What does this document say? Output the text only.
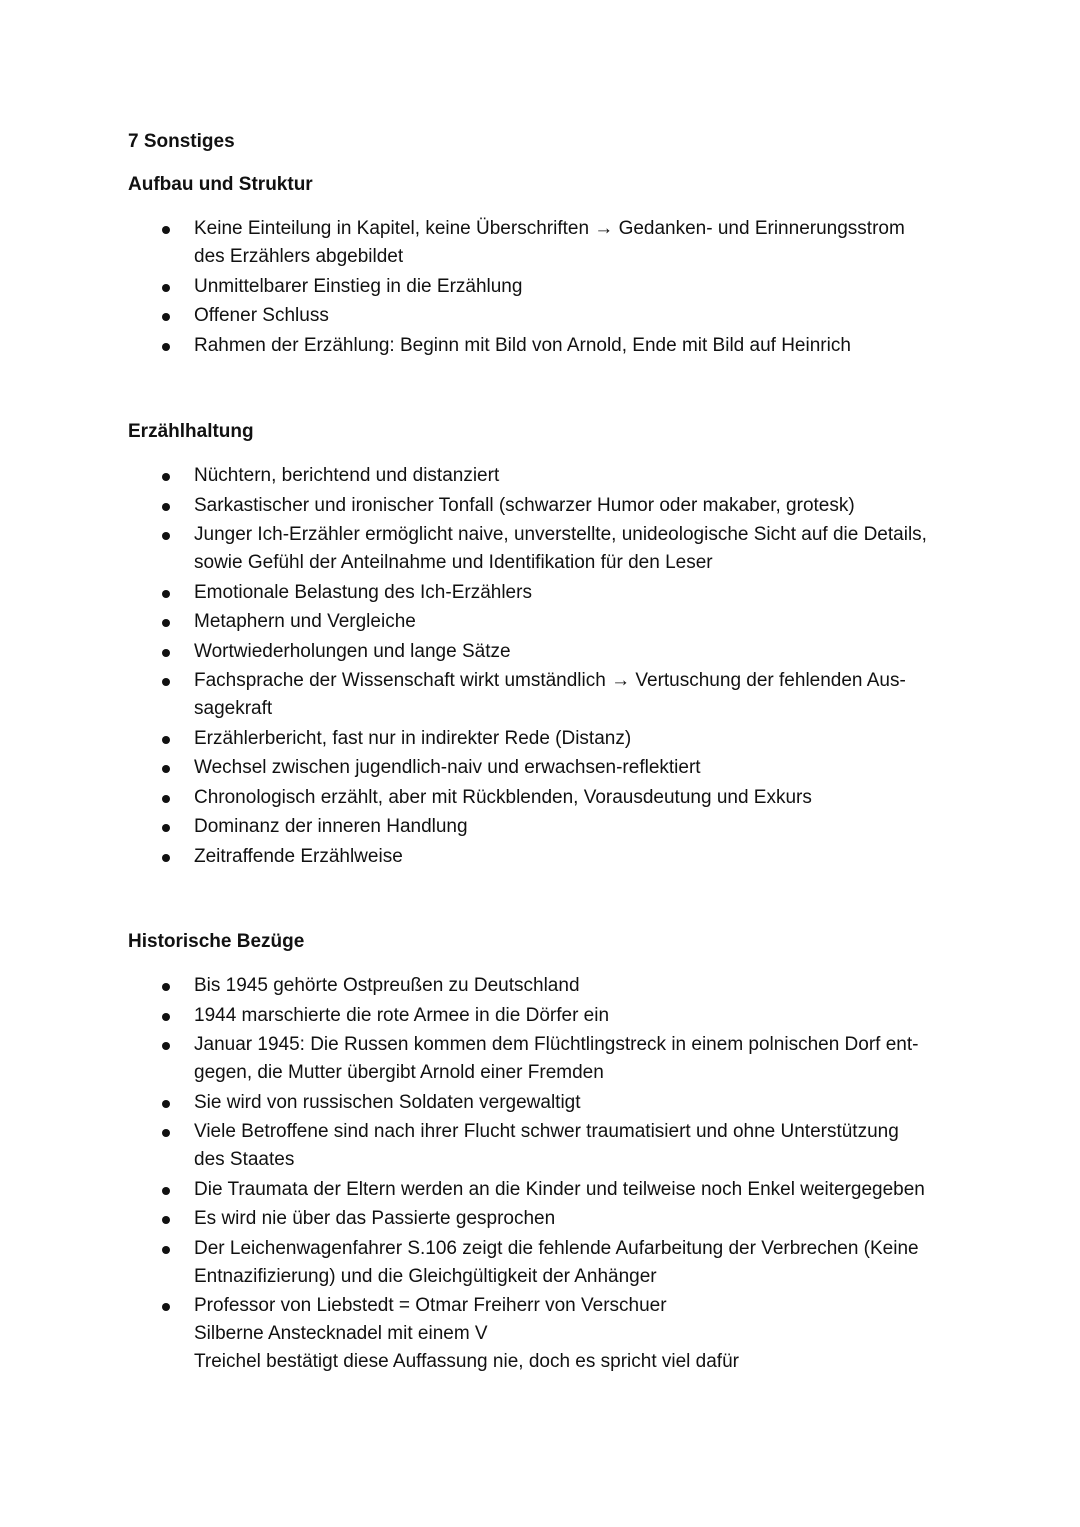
7 Sonstiges
Aufbau und Struktur
Keine Einteilung in Kapitel, keine Überschriften → Gedanken- und Erinnerungsstrom
des Erzählers abgebildet
Unmittelbarer Einstieg in die Erzählung
Offener Schluss
Rahmen der Erzählung: Beginn mit Bild von Arnold, Ende mit Bild auf Heinrich
Erzählhaltung
Nüchtern, berichtend und distanziert
Sarkastischer und ironischer Tonfall (schwarzer Humor oder makaber, grotesk)
Junger Ich-Erzähler ermöglicht naive, unverstellte, unideologische Sicht auf die Details,
sowie Gefühl der Anteilnahme und Identifikation für den Leser
Emotionale Belastung des Ich-Erzählers
Metaphern und Vergleiche
Wortwiederholungen und lange Sätze
Fachsprache der Wissenschaft wirkt umständlich → Vertuschung der fehlenden Aus-
sagekraft
Erzählerbericht, fast nur in indirekter Rede (Distanz)
Wechsel zwischen jugendlich-naiv und erwachsen-reflektiert
Chronologisch erzählt, aber mit Rückblenden, Vorausdeutung und Exkurs
Dominanz der inneren Handlung
Zeitraffende Erzählweise
Historische Bezüge
Bis 1945 gehörte Ostpreußen zu Deutschland
1944 marschierte die rote Armee in die Dörfer ein
Januar 1945: Die Russen kommen dem Flüchtlingstreck in einem polnischen Dorf ent-
gegen, die Mutter übergibt Arnold einer Fremden
Sie wird von russischen Soldaten vergewaltigt
Viele Betroffene sind nach ihrer Flucht schwer traumatisiert und ohne Unterstützung
des Staates
Die Traumata der Eltern werden an die Kinder und teilweise noch Enkel weitergegeben
Es wird nie über das Passierte gesprochen
Der Leichenwagenfahrer S.106 zeigt die fehlende Aufarbeitung der Verbrechen (Keine
Entnazifizierung) und die Gleichgültigkeit der Anhänger
Professor von Liebstedt = Otmar Freiherr von Verschuer
Silberne Anstecknadel mit einem V
Treichel bestätigt diese Auffassung nie, doch es spricht viel dafür
